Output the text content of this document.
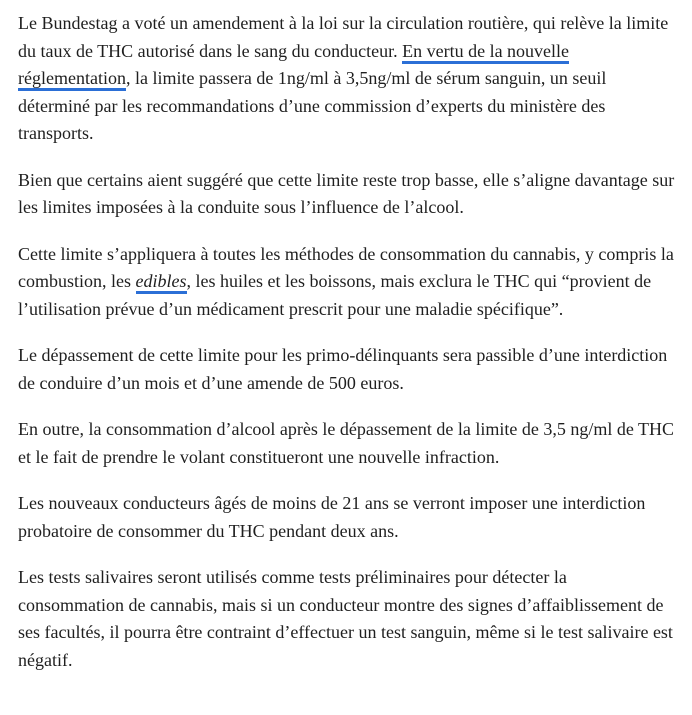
Le Bundestag a voté un amendement à la loi sur la circulation routière, qui relève la limite du taux de THC autorisé dans le sang du conducteur. En vertu de la nouvelle réglementation, la limite passera de 1ng/ml à 3,5ng/ml de sérum sanguin, un seuil déterminé par les recommandations d’une commission d’experts du ministère des transports.

Bien que certains aient suggéré que cette limite reste trop basse, elle s’aligne davantage sur les limites imposées à la conduite sous l’influence de l’alcool.

Cette limite s’appliquera à toutes les méthodes de consommation du cannabis, y compris la combustion, les edibles, les huiles et les boissons, mais exclura le THC qui “provient de l’utilisation prévue d’un médicament prescrit pour une maladie spécifique”.

Le dépassement de cette limite pour les primo-délinquants sera passible d’une interdiction de conduire d’un mois et d’une amende de 500 euros.

En outre, la consommation d’alcool après le dépassement de la limite de 3,5 ng/ml de THC et le fait de prendre le volant constitueront une nouvelle infraction.

Les nouveaux conducteurs âgés de moins de 21 ans se verront imposer une interdiction probatoire de consommer du THC pendant deux ans.

Les tests salivaires seront utilisés comme tests préliminaires pour détecter la consommation de cannabis, mais si un conducteur montre des signes d’affaiblissement de ses facultés, il pourra être contraint d’effectuer un test sanguin, même si le test salivaire est négatif.
